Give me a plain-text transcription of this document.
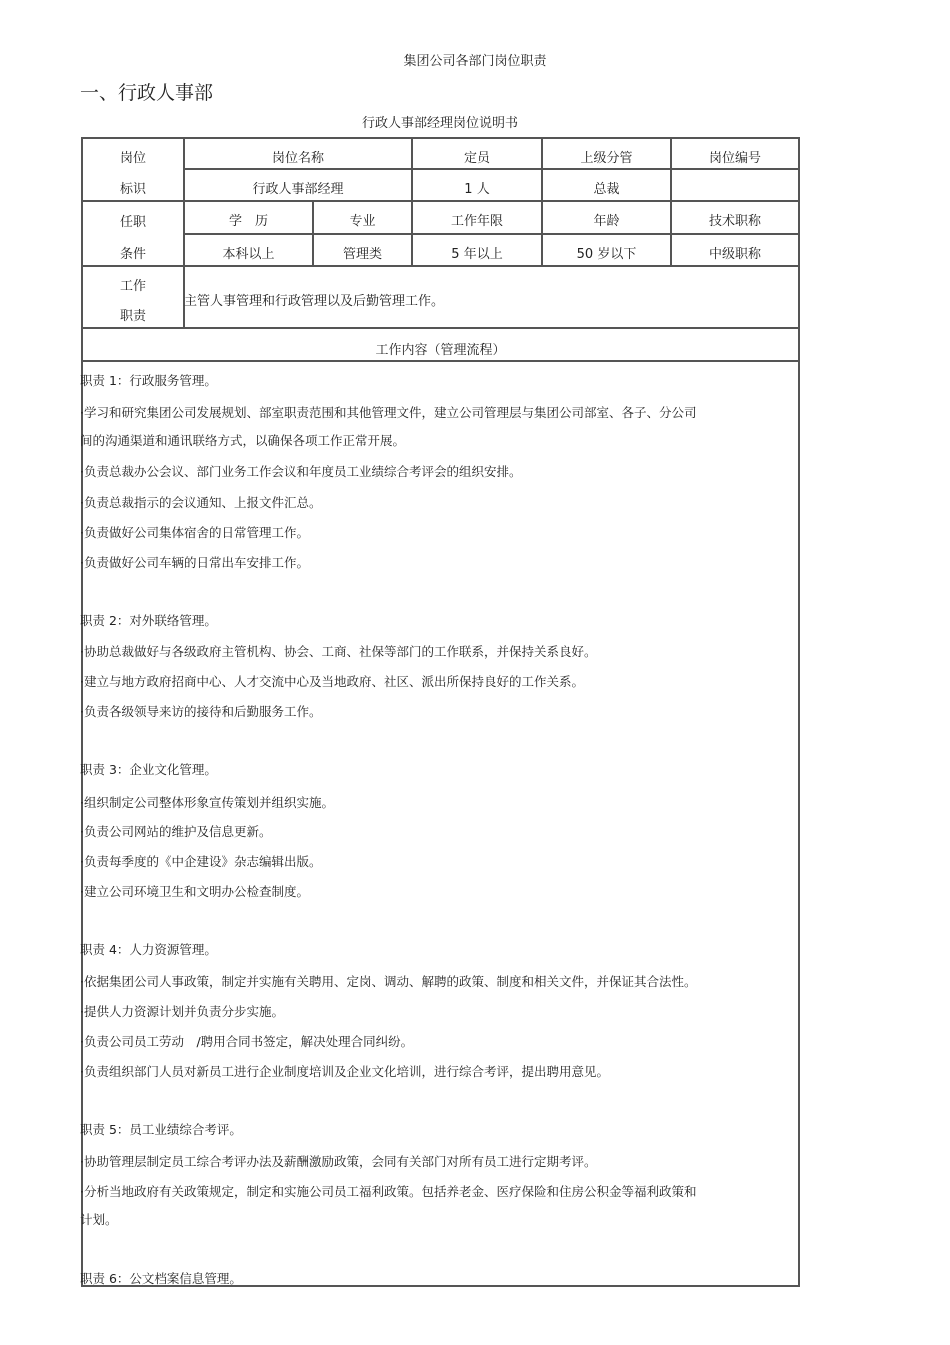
集团公司各部门岗位职责
一、行政人事部
行政人事部经理岗位说明书
岗位
标识
岗位名称	定员	上级分管	岗位编号
行政人事部经理	1 人	总裁
任职
条件
学　历	专业	工作年限	年龄	技术职称
本科以上	管理类	5 年以上	50 岁以下	中级职称
工作
职责
主管人事管理和行政管理以及后勤管理工作。
工作内容（管理流程）
职责 1：行政服务管理。
·学习和研究集团公司发展规划、部室职责范围和其他管理文件，建立公司管理层与集团公司部室、各子、分公司
间的沟通渠道和通讯联络方式，以确保各项工作正常开展。
·负责总裁办公会议、部门业务工作会议和年度员工业绩综合考评会的组织安排。
·负责总裁指示的会议通知、上报文件汇总。
·负责做好公司集体宿舍的日常管理工作。
·负责做好公司车辆的日常出车安排工作。
职责 2：对外联络管理。
·协助总裁做好与各级政府主管机构、协会、工商、社保等部门的工作联系，并保持关系良好。
·建立与地方政府招商中心、人才交流中心及当地政府、社区、派出所保持良好的工作关系。
·负责各级领导来访的接待和后勤服务工作。
职责 3：企业文化管理。
·组织制定公司整体形象宣传策划并组织实施。
·负责公司网站的维护及信息更新。
·负责每季度的《中企建设》杂志编辑出版。
·建立公司环境卫生和文明办公检查制度。
职责 4：人力资源管理。
·依据集团公司人事政策，制定并实施有关聘用、定岗、调动、解聘的政策、制度和相关文件，并保证其合法性。
·提供人力资源计划并负责分步实施。
·负责公司员工劳动　/聘用合同书签定，解决处理合同纠纷。
·负责组织部门人员对新员工进行企业制度培训及企业文化培训，进行综合考评，提出聘用意见。
职责 5：员工业绩综合考评。
·协助管理层制定员工综合考评办法及薪酬激励政策，会同有关部门对所有员工进行定期考评。
·分析当地政府有关政策规定，制定和实施公司员工福利政策。包括养老金、医疗保险和住房公积金等福利政策和
计划。
职责 6：公文档案信息管理。
